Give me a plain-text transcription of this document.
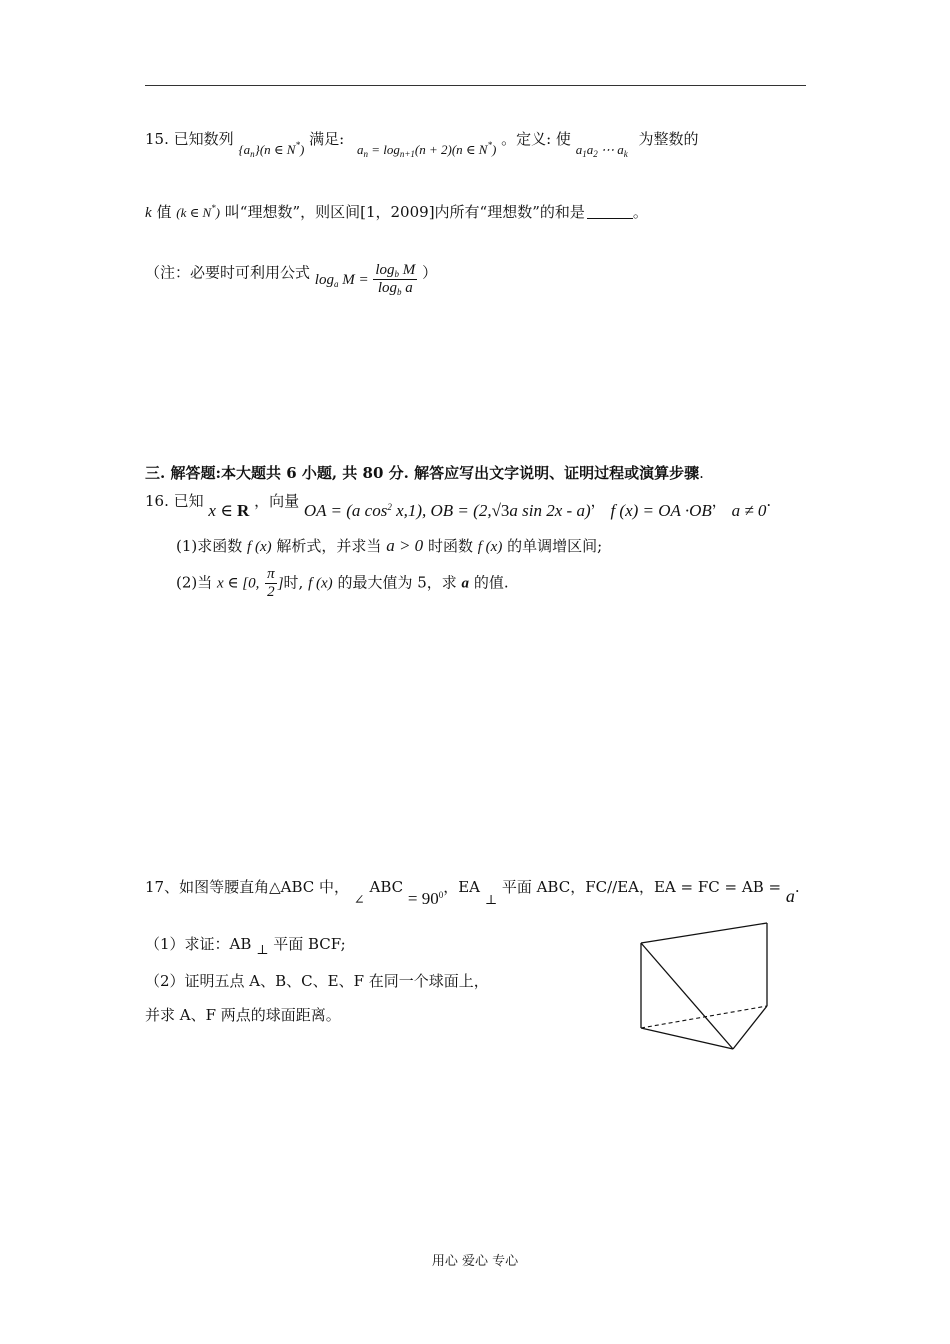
15. 已知数列 $\{a_n\}(n$ ∈ N*) 满足: $a_n = \log_{n+1}(n + 2)(n$ ∈ N*) 。定义: 使 $a_1a_2$ ⋯ $a_k$ 为整数的
k 值 (k ∈ N*) 叫“理想数”，则区间[1，2009]内所有“理想数”的和是	。
（注：必要时可利用公式 $\log_a M = \frac{\log_b M}{\log_b a}$ ）
三. 解答题:本大题共 6 小题, 共 80 分. 解答应写出文字说明、证明过程或演算步骤.
16. 已知 x ∈ R ，向量 OA = (a $\cos^2 x,1$), OB = (2,√3a sin 2x - a)， f (x) = OA ·OB， a ≠ 0.
(1)求函数 f (x) 解析式，并求当 a > 0 时函数 f (x) 的单调增区间;
(2)当 x ∈ [0, $\frac{\pi}{2}$ ]时, f (x) 的最大值为 5，求 a 的值.
17、如图等腰直角△ABC 中， ∠ ABC = $90^0$，EA ⊥ 平面 ABC，FC//EA，EA = FC = AB = a.
（1）求证：AB ⊥ 平面 BCF;
（2）证明五点 A、B、C、E、F 在同一个球面上，
并求 A、F 两点的球面距离。
用心 爱心 专心
